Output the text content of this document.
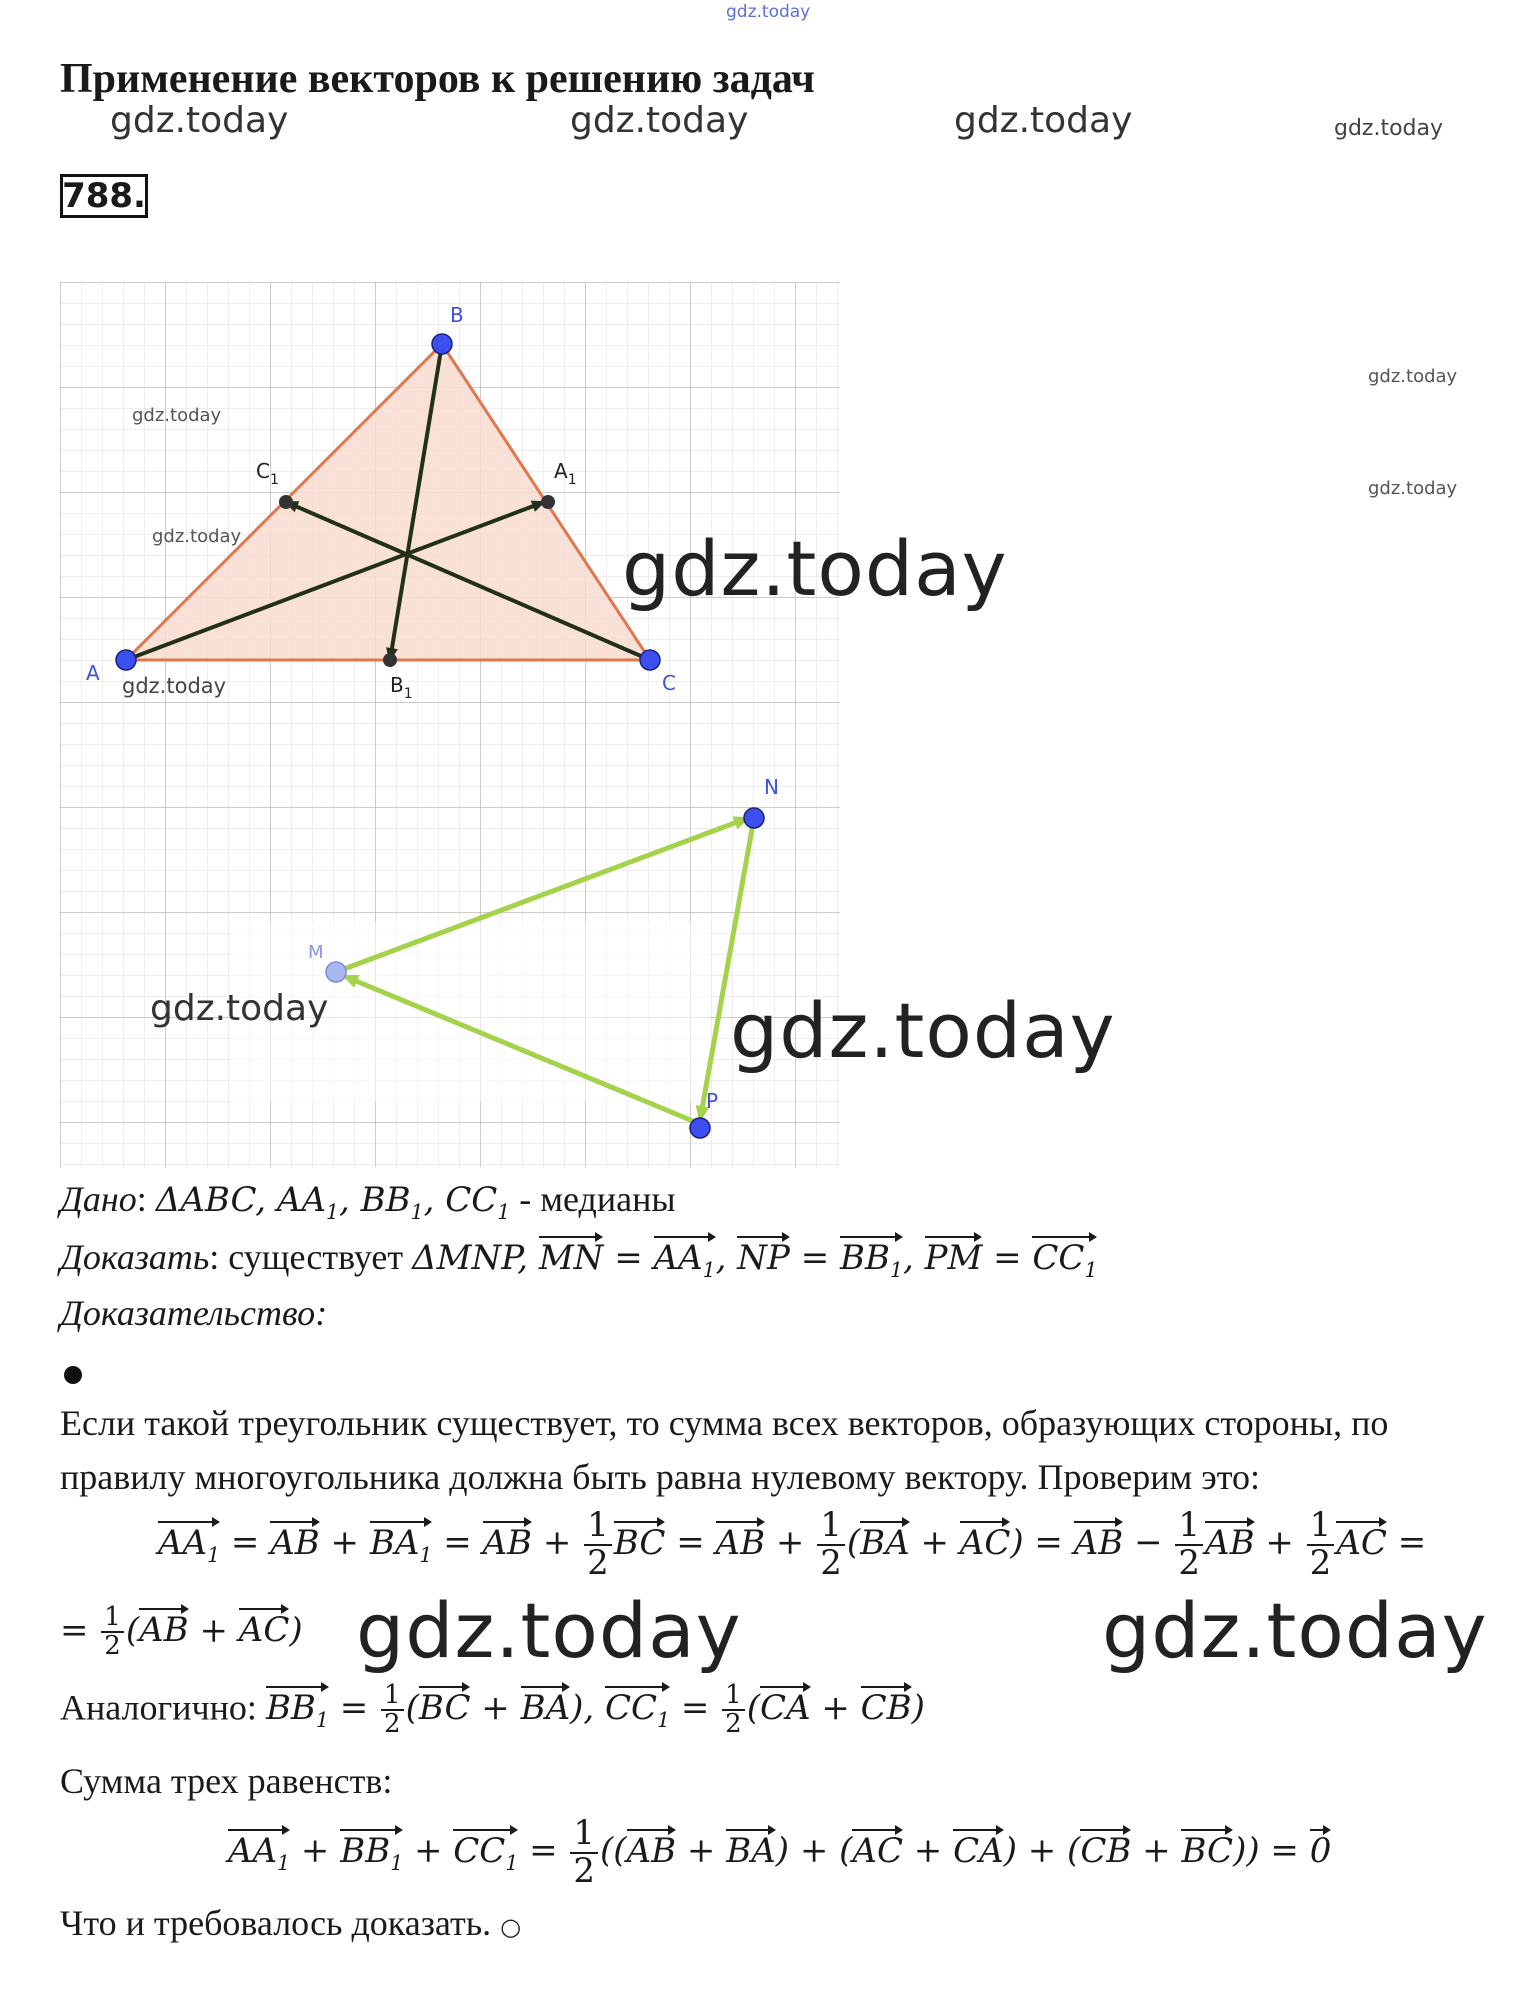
gdz.today
Применение векторов к решению задач
gdz.today	gdz.today	gdz.today	gdz.today
788.
B
A	C
$C_1$	$A_1$
$B_1$
M
N
P
gdz.today
gdz.today
gdz.today
gdz.today
gdz.today
gdz.today
gdz.today	gdz.today
Дано: ΔABC, $AA_1$, $BB_1$, $CC_1$ - медианы
Доказать: существует ΔMNP, MN = $AA_1$, NP = $BB_1$, PM = $CC_1$
Доказательство:
Если такой треугольник существует, то сумма всех векторов, образующих стороны, по
правилу многоугольника должна быть равна нулевому вектору. Проверим это:
$AA_1$ = AB + $BA_1$ = AB + $\frac{1}{2}$ BC = AB + $\frac{1}{2} (BA + AC)$ = AB − $\frac{1}{2}$ AB + $\frac{1}{2}$ AC =
= $\frac{1}{2} (AB + AC)$ gdz.today	gdz.today
Аналогично: $BB_1 = \frac{1}{2} (BC + BA)$, $CC_1 = \frac{1}{2} (CA + CB)$
Сумма трех равенств:
$AA_1 + BB_1 + CC_1 = \frac{1}{2} ((AB + BA) + (AC + CA) + (CB + BC)) = 0$
Что и требовалось доказать. ○
